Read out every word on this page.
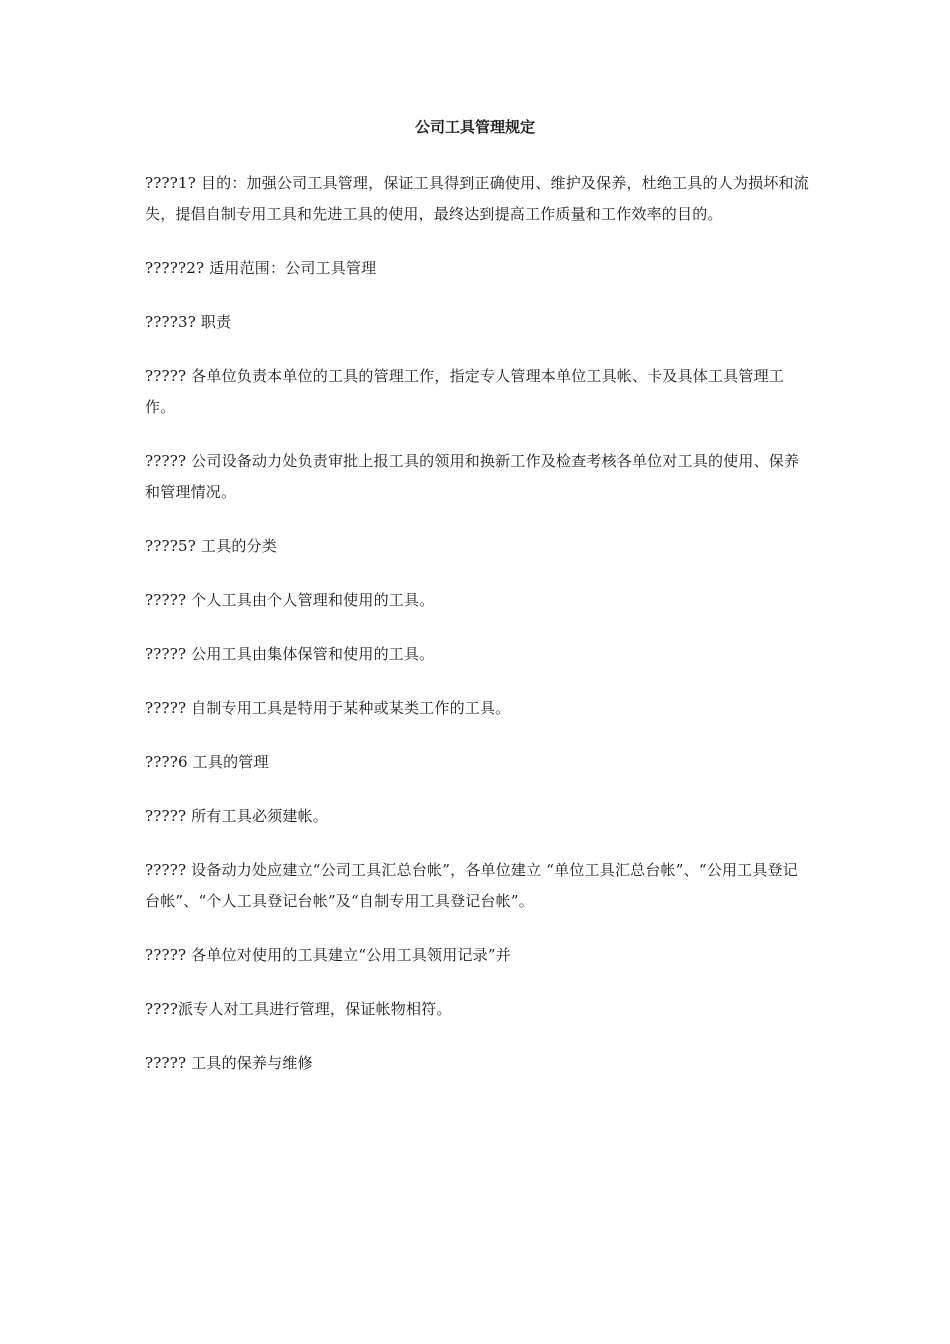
公司工具管理规定

????1? 目的：加强公司工具管理，保证工具得到正确使用、维护及保养，杜绝工具的人为损坏和流失，提倡自制专用工具和先进工具的使用，最终达到提高工作质量和工作效率的目的。

?????2? 适用范围：公司工具管理

????3? 职责

????? 各单位负责本单位的工具的管理工作，指定专人管理本单位工具帐、卡及具体工具管理工作。

????? 公司设备动力处负责审批上报工具的领用和换新工作及检查考核各单位对工具的使用、保养和管理情况。

????5? 工具的分类

????? 个人工具由个人管理和使用的工具。

????? 公用工具由集体保管和使用的工具。

????? 自制专用工具是特用于某种或某类工作的工具。

????6 工具的管理

????? 所有工具必须建帐。

????? 设备动力处应建立“公司工具汇总台帐”，各单位建立 “单位工具汇总台帐”、“公用工具登记台帐”、“个人工具登记台帐”及“自制专用工具登记台帐”。

????? 各单位对使用的工具建立“公用工具领用记录”并

????派专人对工具进行管理，保证帐物相符。

????? 工具的保养与维修
